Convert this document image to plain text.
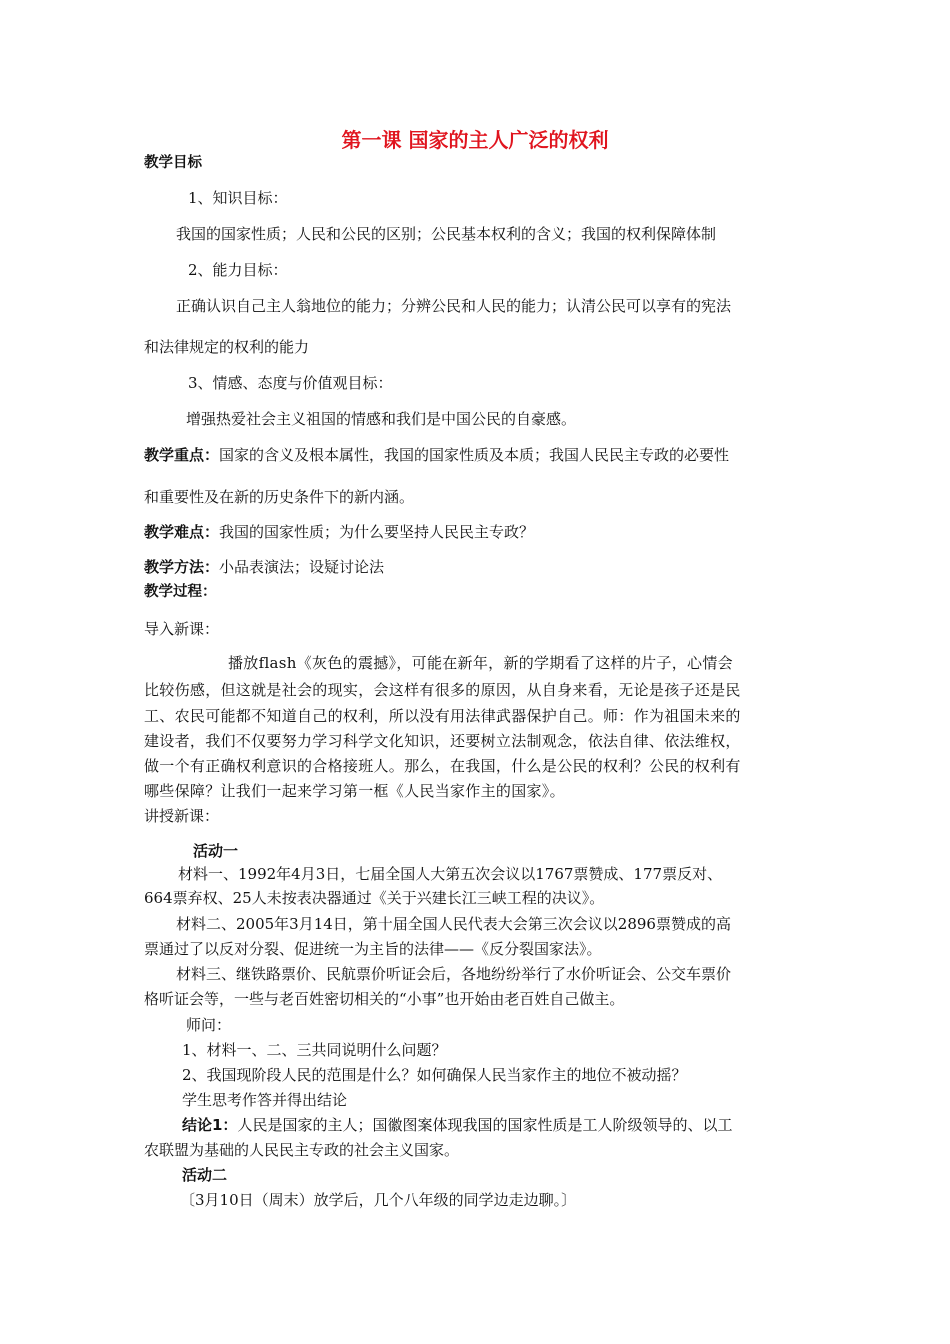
第一课 国家的主人广泛的权利
教学目标
1、知识目标：
我国的国家性质；人民和公民的区别；公民基本权利的含义；我国的权利保障体制
2、能力目标：
正确认识自己主人翁地位的能力；分辨公民和人民的能力；认清公民可以享有的宪法
和法律规定的权利的能力
3、情感、态度与价值观目标：
增强热爱社会主义祖国的情感和我们是中国公民的自豪感。
教学重点：国家的含义及根本属性，我国的国家性质及本质；我国人民民主专政的必要性
和重要性及在新的历史条件下的新内涵。
教学难点：我国的国家性质；为什么要坚持人民民主专政？
教学方法：小品表演法；设疑讨论法
教学过程：
导入新课：
播放flash《灰色的震撼》，可能在新年，新的学期看了这样的片子，心情会
比较伤感，但这就是社会的现实，会这样有很多的原因，从自身来看，无论是孩子还是民
工、农民可能都不知道自己的权利，所以没有用法律武器保护自己。师：作为祖国未来的
建设者，我们不仅要努力学习科学文化知识，还要树立法制观念，依法自律、依法维权，
做一个有正确权利意识的合格接班人。那么，在我国，什么是公民的权利？公民的权利有
哪些保障？让我们一起来学习第一框《人民当家作主的国家》。
讲授新课：
活动一
材料一、1992年4月3日，七届全国人大第五次会议以1767票赞成、177票反对、
664票弃权、25人未按表决器通过《关于兴建长江三峡工程的决议》。
材料二、2005年3月14日，第十届全国人民代表大会第三次会议以2896票赞成的高
票通过了以反对分裂、促进统一为主旨的法律——《反分裂国家法》。
材料三、继铁路票价、民航票价听证会后，各地纷纷举行了水价听证会、公交车票价
格听证会等，一些与老百姓密切相关的“小事”也开始由老百姓自己做主。
师问：
1、材料一、二、三共同说明什么问题？
2、我国现阶段人民的范围是什么？如何确保人民当家作主的地位不被动摇？
学生思考作答并得出结论
结论1：人民是国家的主人；国徽图案体现我国的国家性质是工人阶级领导的、以工
农联盟为基础的人民民主专政的社会主义国家。
活动二
〔3月10日（周末）放学后，几个八年级的同学边走边聊。〕
